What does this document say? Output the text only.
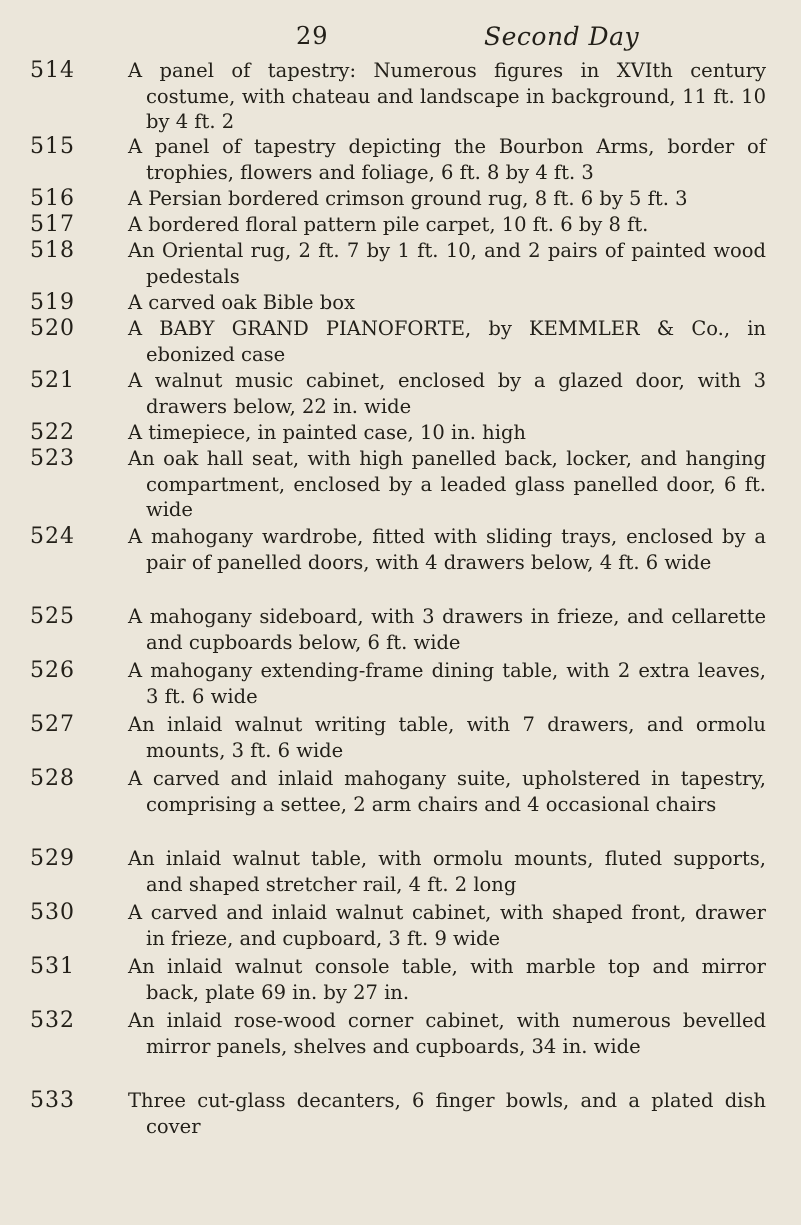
29	Second Day
514	A panel of tapestry: Numerous figures in XVIth century costume, with chateau and landscape in background, 11 ft. 10 by 4 ft. 2
515	A panel of tapestry depicting the Bourbon Arms, border of trophies, flowers and foliage, 6 ft. 8 by 4 ft. 3
516	A Persian bordered crimson ground rug, 8 ft. 6 by 5 ft. 3
517	A bordered floral pattern pile carpet, 10 ft. 6 by 8 ft.
518	An Oriental rug, 2 ft. 7 by 1 ft. 10, and 2 pairs of painted wood pedestals
519	A carved oak Bible box
520	A BABY GRAND PIANOFORTE, by KEMMLER & Co., in ebonized case
521	A walnut music cabinet, enclosed by a glazed door, with 3 drawers below, 22 in. wide
522	A timepiece, in painted case, 10 in. high
523	An oak hall seat, with high panelled back, locker, and hanging compartment, enclosed by a leaded glass panelled door, 6 ft. wide
524	A mahogany wardrobe, fitted with sliding trays, enclosed by a pair of panelled doors, with 4 drawers below, 4 ft. 6 wide
525	A mahogany sideboard, with 3 drawers in frieze, and cellarette and cupboards below, 6 ft. wide
526	A mahogany extending-frame dining table, with 2 extra leaves, 3 ft. 6 wide
527	An inlaid walnut writing table, with 7 drawers, and ormolu mounts, 3 ft. 6 wide
528	A carved and inlaid mahogany suite, upholstered in tapestry, comprising a settee, 2 arm chairs and 4 occasional chairs
529	An inlaid walnut table, with ormolu mounts, fluted supports, and shaped stretcher rail, 4 ft. 2 long
530	A carved and inlaid walnut cabinet, with shaped front, drawer in frieze, and cupboard, 3 ft. 9 wide
531	An inlaid walnut console table, with marble top and mirror back, plate 69 in. by 27 in.
532	An inlaid rose-wood corner cabinet, with numerous bevelled mirror panels, shelves and cupboards, 34 in. wide
533	Three cut-glass decanters, 6 finger bowls, and a plated dish cover
